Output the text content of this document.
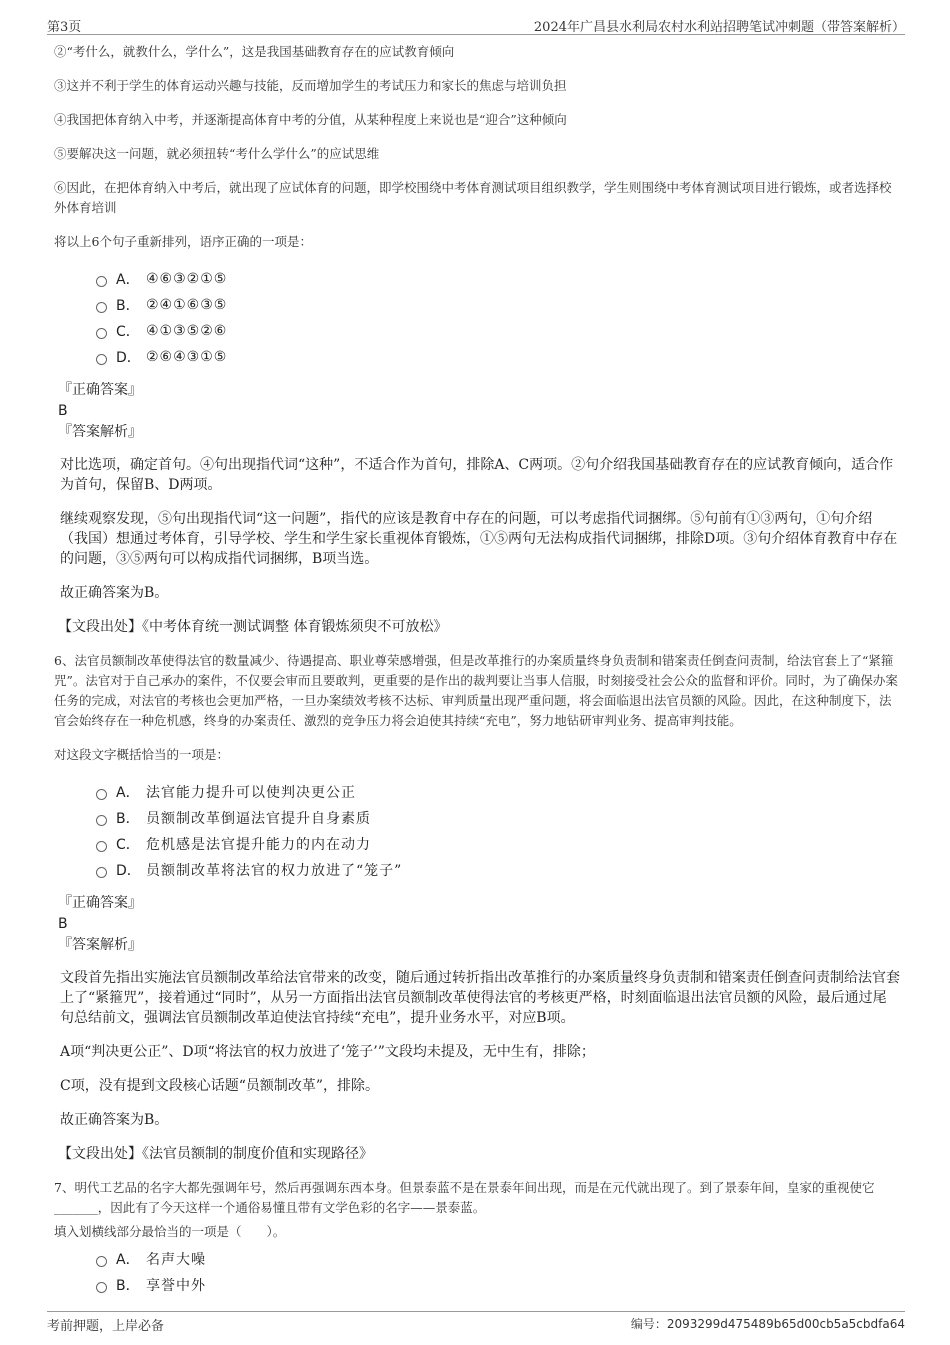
第3页	2024年广昌县水利局农村水利站招聘笔试冲刺题（带答案解析）

②“考什么，就教什么，学什么”，这是我国基础教育存在的应试教育倾向

③这并不利于学生的体育运动兴趣与技能，反而增加学生的考试压力和家长的焦虑与培训负担

④我国把体育纳入中考，并逐渐提高体育中考的分值，从某种程度上来说也是“迎合”这种倾向

⑤要解决这一问题，就必须扭转“考什么学什么”的应试思维

⑥因此，在把体育纳入中考后，就出现了应试体育的问题，即学校围绕中考体育测试项目组织教学，学生则围绕中考体育测试项目进行锻炼，或者选择校外体育培训

将以上6个句子重新排列，语序正确的一项是：

A． ④⑥③②①⑤
B． ②④①⑥③⑤
C． ④①③⑤②⑥
D． ②⑥④③①⑤
『正确答案』
B
『答案解析』

对比选项，确定首句。④句出现指代词“这种”，不适合作为首句，排除A、C两项。②句介绍我国基础教育存在的应试教育倾向，适合作为首句，保留B、D两项。

继续观察发现，⑤句出现指代词“这一问题”，指代的应该是教育中存在的问题，可以考虑指代词捆绑。⑤句前有①③两句，①句介绍（我国）想通过考体育，引导学校、学生和学生家长重视体育锻炼，①⑤两句无法构成指代词捆绑，排除D项。③句介绍体育教育中存在的问题，③⑤两句可以构成指代词捆绑，B项当选。

故正确答案为B。

【文段出处】《中考体育统一测试调整 体育锻炼须臾不可放松》

6、法官员额制改革使得法官的数量减少、待遇提高、职业尊荣感增强，但是改革推行的办案质量终身负责制和错案责任倒查问责制，给法官套上了“紧箍咒”。法官对于自己承办的案件，不仅要会审而且要敢判，更重要的是作出的裁判要让当事人信服，时刻接受社会公众的监督和评价。同时，为了确保办案任务的完成，对法官的考核也会更加严格，一旦办案绩效考核不达标、审判质量出现严重问题，将会面临退出法官员额的风险。因此，在这种制度下，法官会始终存在一种危机感，终身的办案责任、激烈的竞争压力将会迫使其持续“充电”，努力地钻研审判业务、提高审判技能。

对这段文字概括恰当的一项是：

A． 法官能力提升可以使判决更公正
B． 员额制改革倒逼法官提升自身素质
C． 危机感是法官提升能力的内在动力
D． 员额制改革将法官的权力放进了“笼子”
『正确答案』
B
『答案解析』

文段首先指出实施法官员额制改革给法官带来的改变，随后通过转折指出改革推行的办案质量终身负责制和错案责任倒查问责制给法官套上了“紧箍咒”，接着通过“同时”，从另一方面指出法官员额制改革使得法官的考核更严格，时刻面临退出法官员额的风险，最后通过尾句总结前文，强调法官员额制改革迫使法官持续“充电”，提升业务水平，对应B项。

A项“判决更公正”、D项“将法官的权力放进了‘笼子’”文段均未提及，无中生有，排除；

C项，没有提到文段核心话题“员额制改革”，排除。

故正确答案为B。

【文段出处】《法官员额制的制度价值和实现路径》

7、明代工艺品的名字大都先强调年号，然后再强调东西本身。但景泰蓝不是在景泰年间出现，而是在元代就出现了。到了景泰年间，皇家的重视使它_______，因此有了今天这样一个通俗易懂且带有文学色彩的名字——景泰蓝。

填入划横线部分最恰当的一项是（　　）。

A． 名声大噪
B． 享誉中外
考前押题，上岸必备	编号：2093299d475489b65d00cb5a5cbdfa64
